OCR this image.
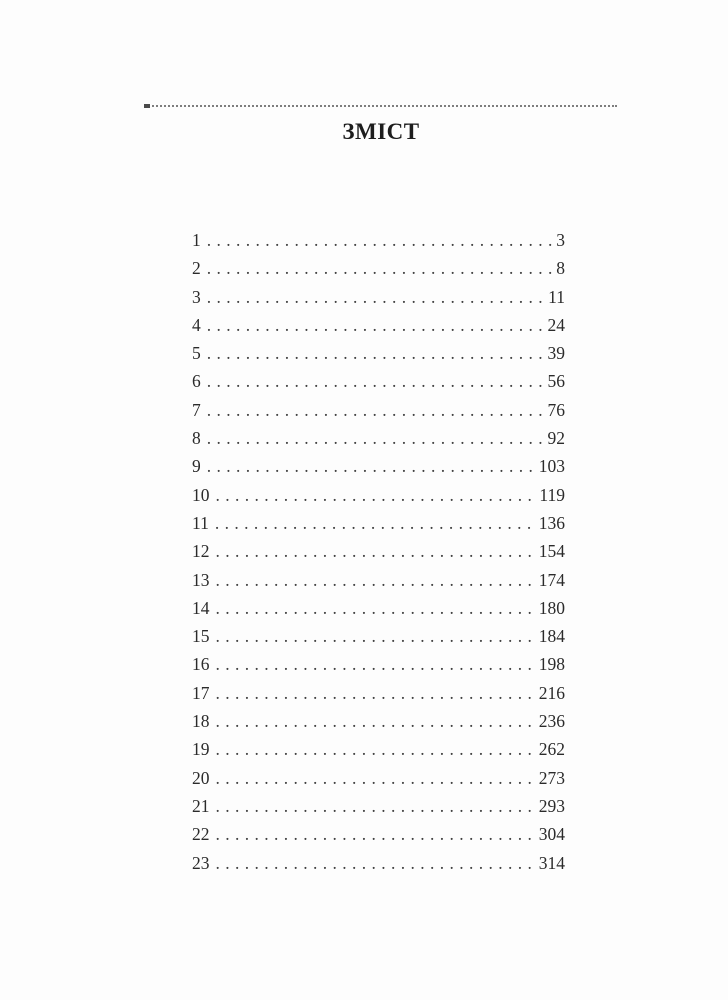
ЗМІСТ
1 . . .	3
2 . . .	8
3 . . .	11
4 . . .	24
5 . . .	39
6 . . .	56
7 . . .	76
8 . . .	92
9 . . .	103
10 . . .	119
11 . . .	136
12 . . .	154
13 . . .	174
14 . . .	180
15 . . .	184
16 . . .	198
17 . . .	216
18 . . .	236
19 . . .	262
20 . . .	273
21 . . .	293
22 . . .	304
23 . . .	314
